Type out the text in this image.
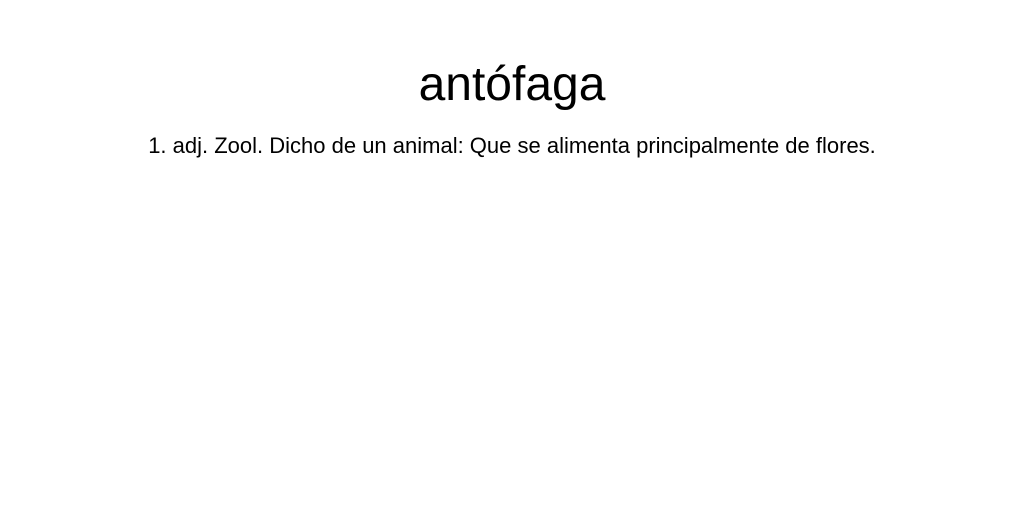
antófaga

1. adj. Zool. Dicho de un animal: Que se alimenta principalmente de flores.
